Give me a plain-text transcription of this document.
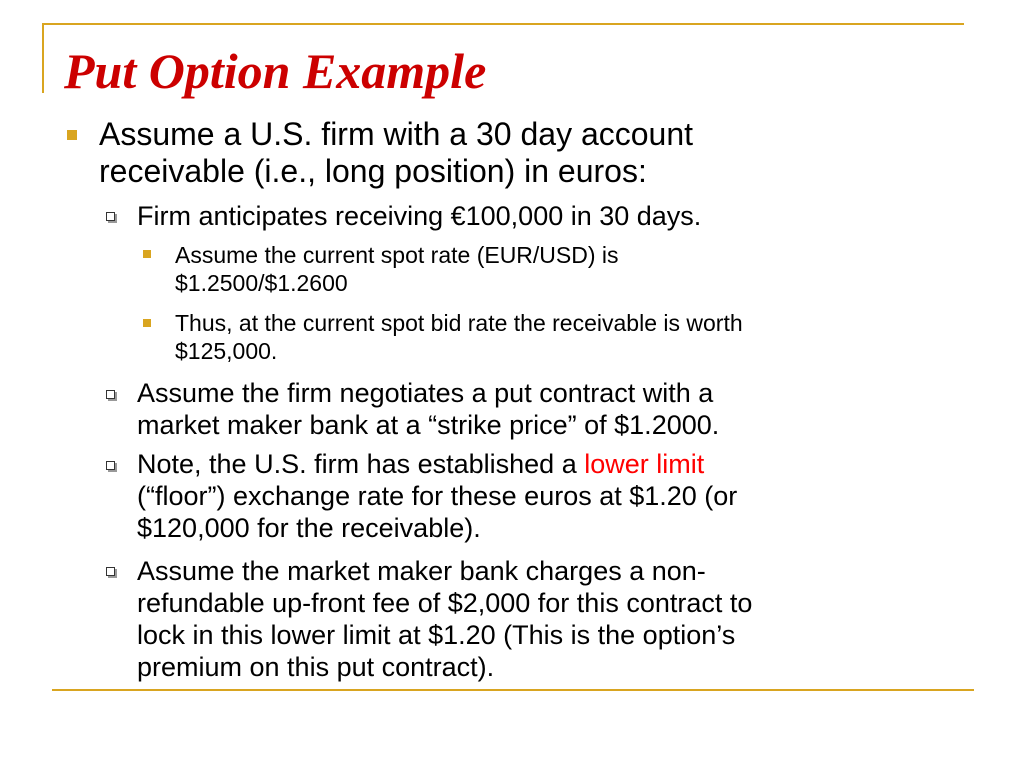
Put Option Example
Assume a U.S. firm with a 30 day account
receivable (i.e., long position) in euros:
Firm anticipates receiving €100,000 in 30 days.
Assume the current spot rate (EUR/USD) is
$1.2500/$1.2600
Thus, at the current spot bid rate the receivable is worth
$125,000.
Assume the firm negotiates a put contract with a
market maker bank at a “strike price” of $1.2000.
Note, the U.S. firm has established a lower limit
(“floor”) exchange rate for these euros at $1.20 (or
$120,000 for the receivable).
Assume the market maker bank charges a non-
refundable up-front fee of $2,000 for this contract to
lock in this lower limit at $1.20 (This is the option’s
premium on this put contract).
